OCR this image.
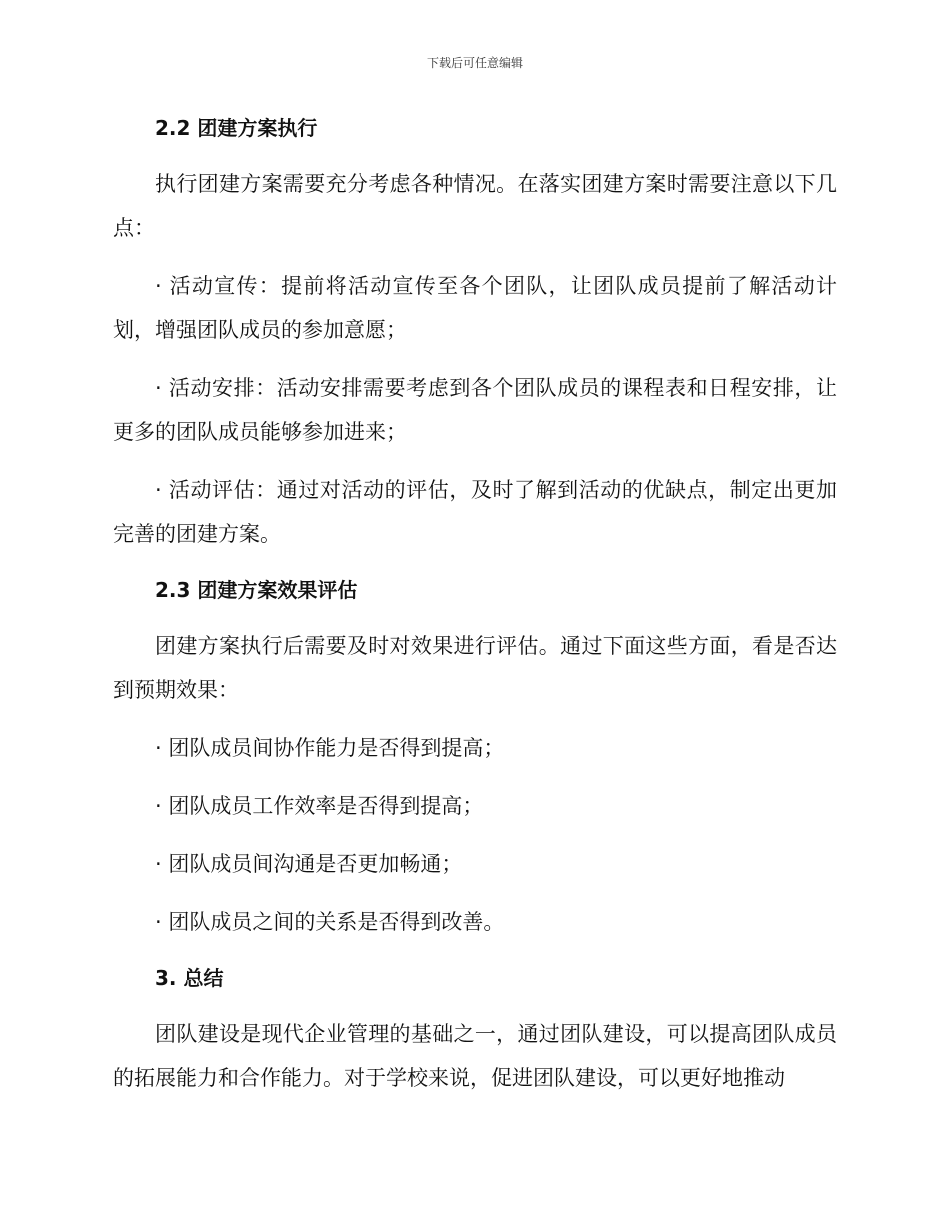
下载后可任意编辑
2.2 团建方案执行

执行团建方案需要充分考虑各种情况。在落实团建方案时需要注意以下几点：

· 活动宣传：提前将活动宣传至各个团队，让团队成员提前了解活动计划，增强团队成员的参加意愿；

· 活动安排：活动安排需要考虑到各个团队成员的课程表和日程安排，让更多的团队成员能够参加进来；

· 活动评估：通过对活动的评估，及时了解到活动的优缺点，制定出更加完善的团建方案。

2.3 团建方案效果评估

团建方案执行后需要及时对效果进行评估。通过下面这些方面，看是否达到预期效果：

· 团队成员间协作能力是否得到提高；

· 团队成员工作效率是否得到提高；

· 团队成员间沟通是否更加畅通；

· 团队成员之间的关系是否得到改善。

3. 总结

团队建设是现代企业管理的基础之一，通过团队建设，可以提高团队成员的拓展能力和合作能力。对于学校来说，促进团队建设，可以更好地推动
